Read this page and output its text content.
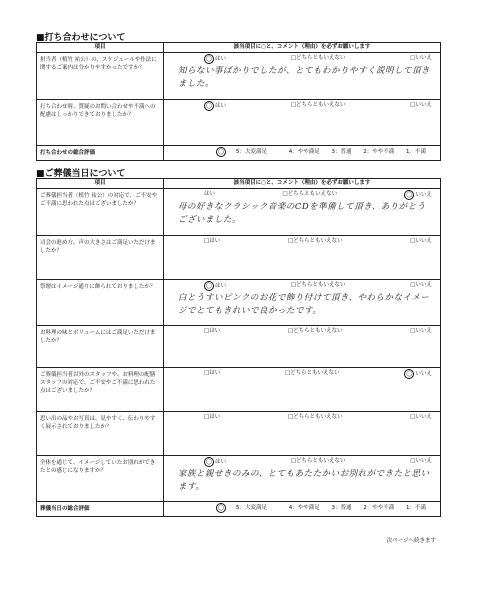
■打ち合わせについて
項目	該当項目に○と、コメント（理由）を必ずお願いします
担当者（植竹 祐公）の、スケジュールや作法に関するご案内は分かりやすかったですか？	◯ はい □どちらともいえない □いいえ
知らない事ばかりでしたが、とてもわかりやすく説明して頂きました。

打ち合わせ時、質疑のお問い合わせや不満への配慮はしっかりできておりましたか？	◯ はい □どちらともいえない □いいえ

打ち合わせの総合評価	◯ 5：大変満足 4：やや満足 3：普通 2：やや不満 1：不満
■ご葬儀当日について
項目	該当項目に○と、コメント（理由）を必ずお願いします
ご葬儀担当者（植竹 祐公）の対応で、ご不安やご不満に思われた点はございましたか？	はい □どちらともいえない ◯ いいえ
母の好きなクラシック音楽のCDを準備して頂き、ありがとうございました。

司会の進め方、声の大きさはご満足いただけましたか？	□はい □どちらともいえない □いいえ

祭壇はイメージ通りに飾られておりましたか？	◯ はい □どちらともいえない □いいえ
白とうすいピンクのお花で飾り付けて頂き、やわらかなイメージでとてもきれいで良かったです。

お料理の味とボリュームにはご満足いただけましたか？	□はい □どちらともいえない □いいえ

ご葬儀担当者以外のスタッフや、お料理の配膳スタッフの対応で、ご不安やご不満に思われた点はございましたか？	□はい □どちらともいえない ◯ いいえ

思い出の品やお写真は、見やすく、伝わりやすく展示されておりましたか？	□はい □どちらともいえない □いいえ

全体を通じて、イメージしていたお別れができたとの感じになりますか？	◯ はい □どちらともいえない □いいえ
家族と親せきのみの、とてもあたたかいお別れができたと思います。

葬儀当日の総合評価	◯ 5：大変満足 4：やや満足 3：普通 2：やや不満 1：不満
次ページへ続きます
